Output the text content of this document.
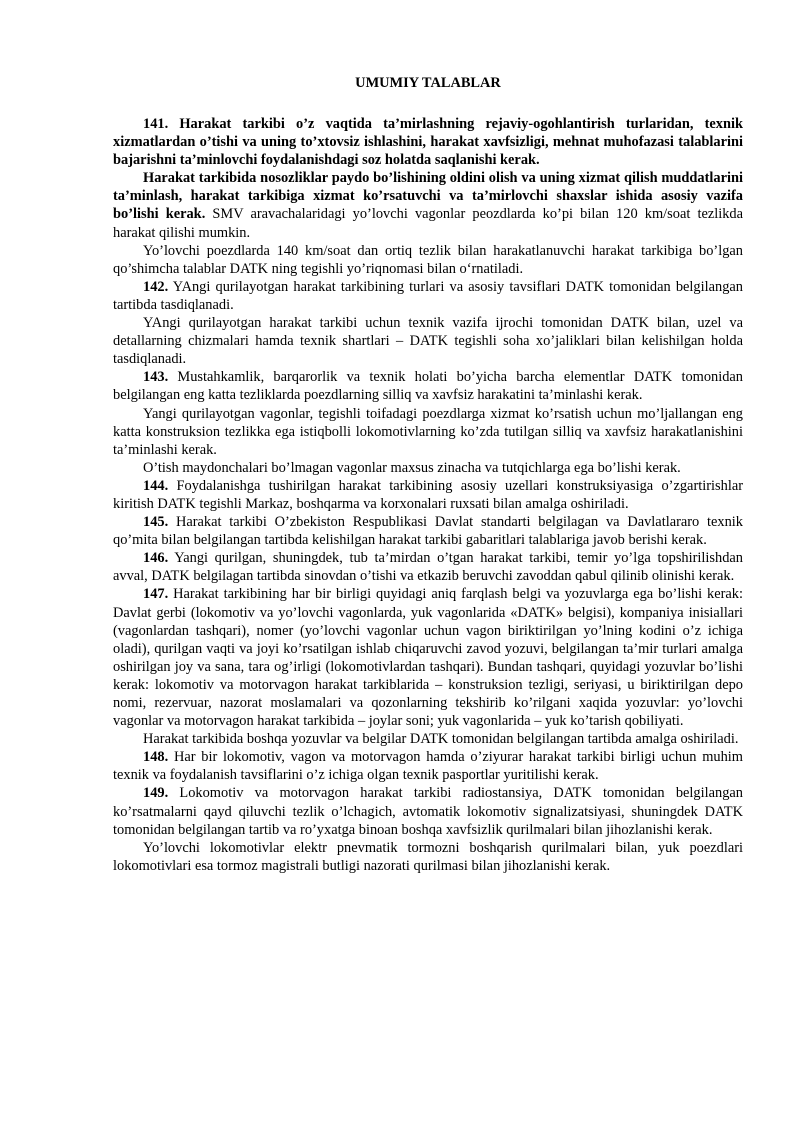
UMUMIY TALABLAR

141. Harakat tarkibi o’z vaqtida ta’mirlashning rejaviy-ogohlantirish turlaridan, texnik xizmatlardan o’tishi va uning to’xtovsiz ishlashini, harakat xavfsizligi, mehnat muhofazasi talablarini bajarishni ta’minlovchi foydalanishdagi soz holatda saqlanishi kerak.

Harakat tarkibida nosozliklar paydo bo’lishining oldini olish va uning xizmat qilish muddatlarini ta’minlash, harakat tarkibiga xizmat ko’rsatuvchi va ta’mirlovchi shaxslar ishida asosiy vazifa bo’lishi kerak. SMV aravachalaridagi yo’lovchi vagonlar peozdlarda ko’pi bilan 120 km/soat tezlikda harakat qilishi mumkin.

Yo’lovchi poezdlarda 140 km/soat dan ortiq tezlik bilan harakatlanuvchi harakat tarkibiga bo’lgan qo’shimcha talablar DATK ning tegishli yo’riqnomasi bilan o‘rnatiladi.

142. YAngi qurilayotgan harakat tarkibining turlari va asosiy tavsiflari DATK tomonidan belgilangan tartibda tasdiqlanadi.

YAngi qurilayotgan harakat tarkibi uchun texnik vazifa ijrochi tomonidan DATK bilan, uzel va detallarning chizmalari hamda texnik shartlari – DATK tegishli soha xo’jaliklari bilan kelishilgan holda tasdiqlanadi.

143. Mustahkamlik, barqarorlik va texnik holati bo’yicha barcha elementlar DATK tomonidan belgilangan eng katta tezliklarda poezdlarning silliq va xavfsiz harakatini ta’minlashi kerak.

Yangi qurilayotgan vagonlar, tegishli toifadagi poezdlarga xizmat ko’rsatish uchun mo’ljallangan eng katta konstruksion tezlikka ega istiqbolli lokomotivlarning ko’zda tutilgan silliq va xavfsiz harakatlanishini ta’minlashi kerak.

O’tish maydonchalari bo’lmagan vagonlar maxsus zinacha va tutqichlarga ega bo’lishi kerak.

144. Foydalanishga tushirilgan harakat tarkibining asosiy uzellari konstruksiyasiga o’zgartirishlar kiritish DATK tegishli Markaz, boshqarma va korxonalari ruxsati bilan amalga oshiriladi.

145. Harakat tarkibi O’zbekiston Respublikasi Davlat standarti belgilagan va Davlatlararo texnik qo’mita bilan belgilangan tartibda kelishilgan harakat tarkibi gabaritlari talablariga javob berishi kerak.

146. Yangi qurilgan, shuningdek, tub ta’mirdan o’tgan harakat tarkibi, temir yo’lga topshirilishdan avval, DATK belgilagan tartibda sinovdan o’tishi va etkazib beruvchi zavoddan qabul qilinib olinishi kerak.

147. Harakat tarkibining har bir birligi quyidagi aniq farqlash belgi va yozuvlarga ega bo’lishi kerak: Davlat gerbi (lokomotiv va yo’lovchi vagonlarda, yuk vagonlarida «DATK» belgisi), kompaniya inisiallari (vagonlardan tashqari), nomer (yo’lovchi vagonlar uchun vagon biriktirilgan yo’lning kodini o’z ichiga oladi), qurilgan vaqti va joyi ko’rsatilgan ishlab chiqaruvchi zavod yozuvi, belgilangan ta’mir turlari amalga oshirilgan joy va sana, tara og’irligi (lokomotivlardan tashqari). Bundan tashqari, quyidagi yozuvlar bo’lishi kerak: lokomotiv va motorvagon harakat tarkiblarida – konstruksion tezligi, seriyasi, u biriktirilgan depo nomi, rezervuar, nazorat moslamalari va qozonlarning tekshirib ko’rilgani xaqida yozuvlar: yo’lovchi vagonlar va motorvagon harakat tarkibida – joylar soni; yuk vagonlarida – yuk ko’tarish qobiliyati.

Harakat tarkibida boshqa yozuvlar va belgilar DATK tomonidan belgilangan tartibda amalga oshiriladi.

148. Har bir lokomotiv, vagon va motorvagon hamda o’ziyurar harakat tarkibi birligi uchun muhim texnik va foydalanish tavsiflarini o’z ichiga olgan texnik pasportlar yuritilishi kerak.

149. Lokomotiv va motorvagon harakat tarkibi radiostansiya, DATK tomonidan belgilangan ko’rsatmalarni qayd qiluvchi tezlik o’lchagich, avtomatik lokomotiv signalizatsiyasi, shuningdek DATK tomonidan belgilangan tartib va ro’yxatga binoan boshqa xavfsizlik qurilmalari bilan jihozlanishi kerak.

Yo’lovchi lokomotivlar elektr pnevmatik tormozni boshqarish qurilmalari bilan, yuk poezdlari lokomotivlari esa tormoz magistrali butligi nazorati qurilmasi bilan jihozlanishi kerak.
